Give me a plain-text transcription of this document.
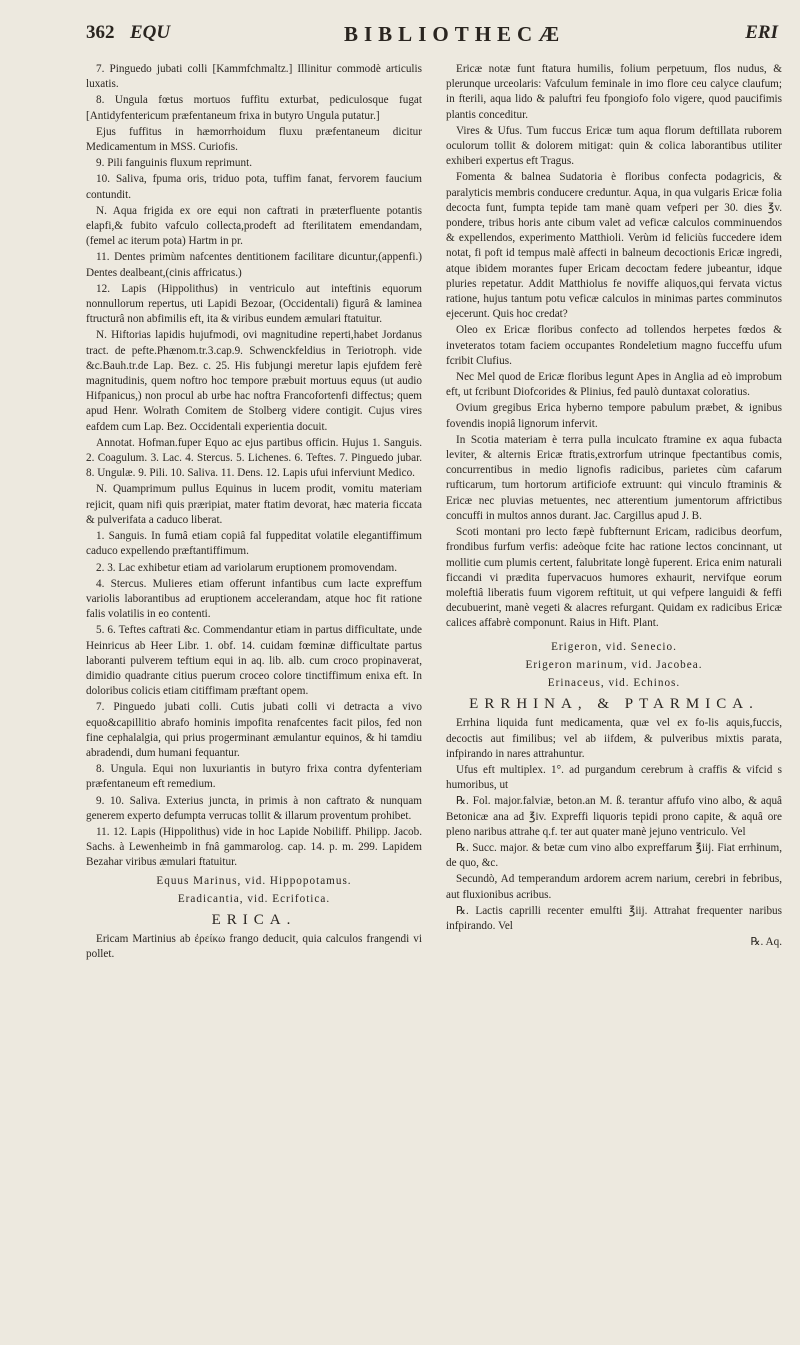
362 EQU	BIBLIOTHECÆ	ERI

7. Pinguedo jubati colli [Kammfchmaltz.] Illinitur commodè articulis luxatis.

8. Ungula fœtus mortuos fuffitu exturbat, pediculosque fugat [Antidyfentericum præfentaneum frixa in butyro Ungula putatur.]

Ejus fuffitus in hæmorrhoidum fluxu præfentaneum dicitur Medicamentum in MSS. Curiofis.

9. Pili fanguinis fluxum reprimunt.

10. Saliva, fpuma oris, triduo pota, tuffim fanat, fervorem faucium contundit.

N. Aqua frigida ex ore equi non caftrati in præterfluente potantis elapfi,& fubito vafculo collecta,prodeft ad fterilitatem emendandam, (femel ac iterum pota) Hartm in pr.

11. Dentes primùm nafcentes dentitionem facilitare dicuntur,(appenfi.) Dentes dealbeant,(cinis affricatus.)

12. Lapis (Hippolithus) in ventriculo aut inteftinis equorum nonnullorum repertus, uti Lapidi Bezoar, (Occidentali) figurâ & laminea ftructurâ non abfimilis eft, ita & viribus eundem æmulari ftatuitur.

N. Hiftorias lapidis hujufmodi, ovi magnitudine reperti,habet Jordanus tract. de pefte.Phænom.tr.3.cap.9. Schwenckfeldius in Teriotroph. vide &c.Bauh.tr.de Lap. Bez. c. 25. His fubjungi meretur lapis ejufdem ferè magnitudinis, quem noftro hoc tempore præbuit mortuus equus (ut audio Hifpanicus,) non procul ab urbe hac noftra Francofortenfi diffectus; quem apud Henr. Wolrath Comitem de Stolberg videre contigit. Cujus vires eafdem cum Lap. Bez. Occidentali experientia docuit.

Annotat. Hofman.fuper Equo ac ejus partibus officin. Hujus 1. Sanguis. 2. Coagulum. 3. Lac. 4. Stercus. 5. Lichenes. 6. Teftes. 7. Pinguedo jubar. 8. Ungulæ. 9. Pili. 10. Saliva. 11. Dens. 12. Lapis ufui inferviunt Medico.

N. Quamprimum pullus Equinus in lucem prodit, vomitu materiam rejicit, quam nifi quis præripiat, mater ftatim devorat, hæc materia ficcata & pulverifata a caduco liberat.

1. Sanguis. In fumâ etiam copiâ fal fuppeditat volatile elegantiffimum caduco expellendo præftantiffimum.

2. 3. Lac exhibetur etiam ad variolarum eruptionem promovendam.

4. Stercus. Mulieres etiam offerunt infantibus cum lacte expreffum variolis laborantibus ad eruptionem accelerandam, atque hoc fit ratione falis volatilis in eo contenti.

5. 6. Teftes caftrati &c. Commendantur etiam in partus difficultate, unde Heinricus ab Heer Libr. 1. obf. 14. cuidam fœminæ difficultate partus laboranti pulverem teftium equi in aq. lib. alb. cum croco propinaverat, dimidio quadrante citius puerum croceo colore tinctiffimum enixa eft. In doloribus colicis etiam citiffimam præftant opem.

7. Pinguedo jubati colli. Cutis jubati colli vi detracta a vivo equo&capillitio abrafo hominis impofita renafcentes facit pilos, fed non fine cephalalgia, qui prius progerminant æmulantur equinos, & hi tamdiu abradendi, dum humani fequantur.

8. Ungula. Equi non luxuriantis in butyro frixa contra dyfenteriam præfentaneum eft remedium.

9. 10. Saliva. Exterius juncta, in primis à non caftrato & nunquam generem experto defumpta verrucas tollit & illarum proventum prohibet.

11. 12. Lapis (Hippolithus) vide in hoc Lapide Nobiliff. Philipp. Jacob. Sachs. à Lewenheimb in fnâ gammarolog. cap. 14. p. m. 299. Lapidem Bezahar viribus æmulari ftatuitur.

Equus Marinus, vid. Hippopotamus.

Eradicantia, vid. Ecrifotica.

ERICA.

Ericam Martinius ab ἐρείκω frango deducit, quia calculos frangendi vi pollet.

Ericæ notæ funt ftatura humilis, folium perpetuum, flos nudus, & plerunque urceolaris: Vafculum feminale in imo flore ceu calyce claufum; in fterili, aqua lido & paluftri feu fpongiofo folo vigere, quod paucifimis plantis conceditur.

Vires & Ufus. Tum fuccus Ericæ tum aqua florum deftillata ruborem oculorum tollit & dolorem mitigat: quin & colica laborantibus utiliter exhiberi expertus eft Tragus.

Fomenta & balnea Sudatoria è floribus confecta podagricis, & paralyticis membris conducere creduntur. Aqua, in qua vulgaris Ericæ folia decocta funt, fumpta tepide tam manè quam vefperi per 30. dies ℥v. pondere, tribus horis ante cibum valet ad veficæ calculos comminuendos & expellendos, experimento Matthioli. Verùm id feliciùs fuccedere idem notat, fi poft id tempus malè affecti in balneum decoctionis Ericæ ingredi, atque ibidem morantes fuper Ericam decoctam federe jubeantur, idque pluries repetatur. Addit Matthiolus fe noviffe aliquos,qui fervata victus ratione, hujus tantum potu veficæ calculos in minimas partes comminutos ejecerunt. Quis hoc credat?

Oleo ex Ericæ floribus confecto ad tollendos herpetes fœdos & inveteratos totam faciem occupantes Rondeletium magno fucceffu ufum fcribit Clufius.

Nec Mel quod de Ericæ floribus legunt Apes in Anglia ad eò improbum eft, ut fcribunt Diofcorides & Plinius, fed paulò duntaxat coloratius.

Ovium gregibus Erica hyberno tempore pabulum præbet, & ignibus fovendis inopiâ lignorum infervit.

In Scotia materiam è terra pulla inculcato ftramine ex aqua fubacta leviter, & alternis Ericæ ftratis,extrorfum utrinque fpectantibus comis, concurrentibus in medio lignofis radicibus, parietes cùm cafarum rufticarum, tum hortorum artificiofe extruunt: qui vinculo ftraminis & Ericæ nec pluvias metuentes, nec atterentium jumentorum affrictibus concuffi in multos annos durant. Jac. Cargillus apud J. B.

Scoti montani pro lecto fæpè fubfternunt Ericam, radicibus deorfum, frondibus furfum verfis: adeòque fcite hac ratione lectos concinnant, ut mollitie cum plumis certent, falubritate longè fuperent. Erica enim naturali ficcandi vi prædita fupervacuos humores exhaurit, nervifque eorum moleftiâ liberatis fuum vigorem reftituit, ut qui vefpere languidi & feffi decubuerint, manè vegeti & alacres refurgant. Quidam ex radicibus Ericæ calices affabrè componunt. Raius in Hift. Plant.

Erigeron, vid. Senecio.

Erigeron marinum, vid. Jacobea.

Erinaceus, vid. Echinos.

ERRHINA, & PTARMICA.

Errhina liquida funt medicamenta, quæ vel ex fo-lis aquis,fuccis, decoctis aut fimilibus; vel ab iifdem, & pulveribus mixtis parata, infpirando in nares attrahuntur.

Ufus eft multiplex. 1°. ad purgandum cerebrum à craffis & vifcid s humoribus, ut

℞. Fol. major.falviæ, beton.an M. ß. terantur affufo vino albo, & aquâ Betonicæ ana ad ℥iv. Expreffi liquoris tepidi prono capite, & aquâ ore pleno naribus attrahe q.f. ter aut quater manè jejuno ventriculo. Vel

℞. Succ. major. & betæ cum vino albo expreffarum ℥iij. Fiat errhinum, de quo, &c.

Secundò, Ad temperandum ardorem acrem narium, cerebri in febribus, aut fluxionibus acribus.

℞. Lactis caprilli recenter emulfti ℥iij. Attrahat frequenter naribus infpirando. Vel

℞. Aq.
